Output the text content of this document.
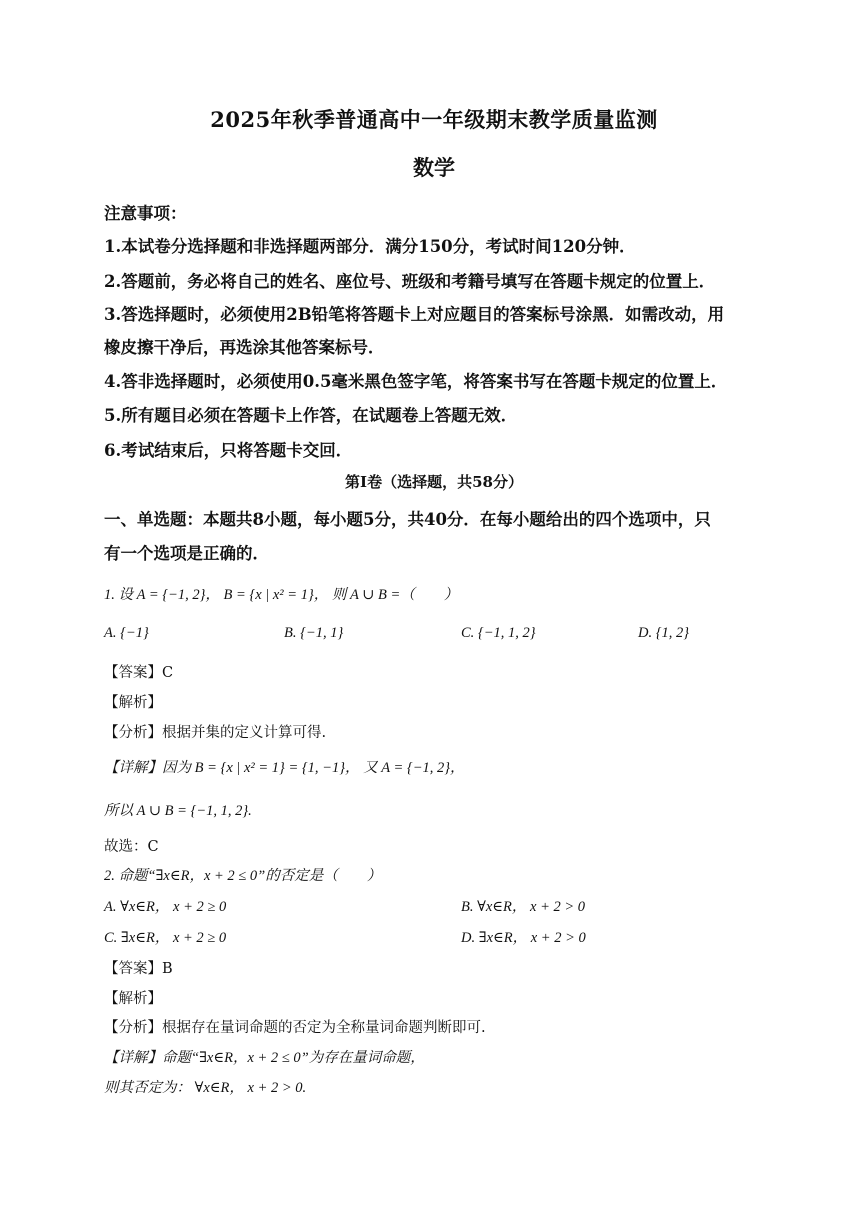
2025年秋季普通高中一年级期末教学质量监测
数学
注意事项：
1.本试卷分选择题和非选择题两部分．满分150分，考试时间120分钟．
2.答题前，务必将自己的姓名、座位号、班级和考籍号填写在答题卡规定的位置上．
3.答选择题时，必须使用2B铅笔将答题卡上对应题目的答案标号涂黑．如需改动，用
橡皮擦干净后，再选涂其他答案标号．
4.答非选择题时，必须使用0.5毫米黑色签字笔，将答案书写在答题卡规定的位置上．
5.所有题目必须在答题卡上作答，在试题卷上答题无效．
6.考试结束后，只将答题卡交回．
第Ⅰ卷（选择题，共58分）
一、单选题：本题共8小题，每小题5分，共40分．在每小题给出的四个选项中，只
有一个选项是正确的．
1. 设 A = {−1, 2}， B = {x | x² = 1}， 则 A ∪ B =（　　）
A. {−1}	B. {−1, 1}	C. {−1, 1, 2}	D. {1, 2}
【答案】C
【解析】
【分析】根据并集的定义计算可得.
【详解】因为 B = {x | x² = 1} = {1, −1}， 又 A = {−1, 2}，
所以 A ∪ B = {−1, 1, 2}.
故选：C
2. 命题“∃x∈R，x + 2 ≤ 0”的否定是（　　）
A. ∀x∈R， x + 2 ≥ 0	B. ∀x∈R， x + 2 > 0
C. ∃x∈R， x + 2 ≥ 0	D. ∃x∈R， x + 2 > 0
【答案】B
【解析】
【分析】根据存在量词命题的否定为全称量词命题判断即可.
【详解】命题“∃x∈R，x + 2 ≤ 0”为存在量词命题，
则其否定为： ∀x∈R， x + 2 > 0.
